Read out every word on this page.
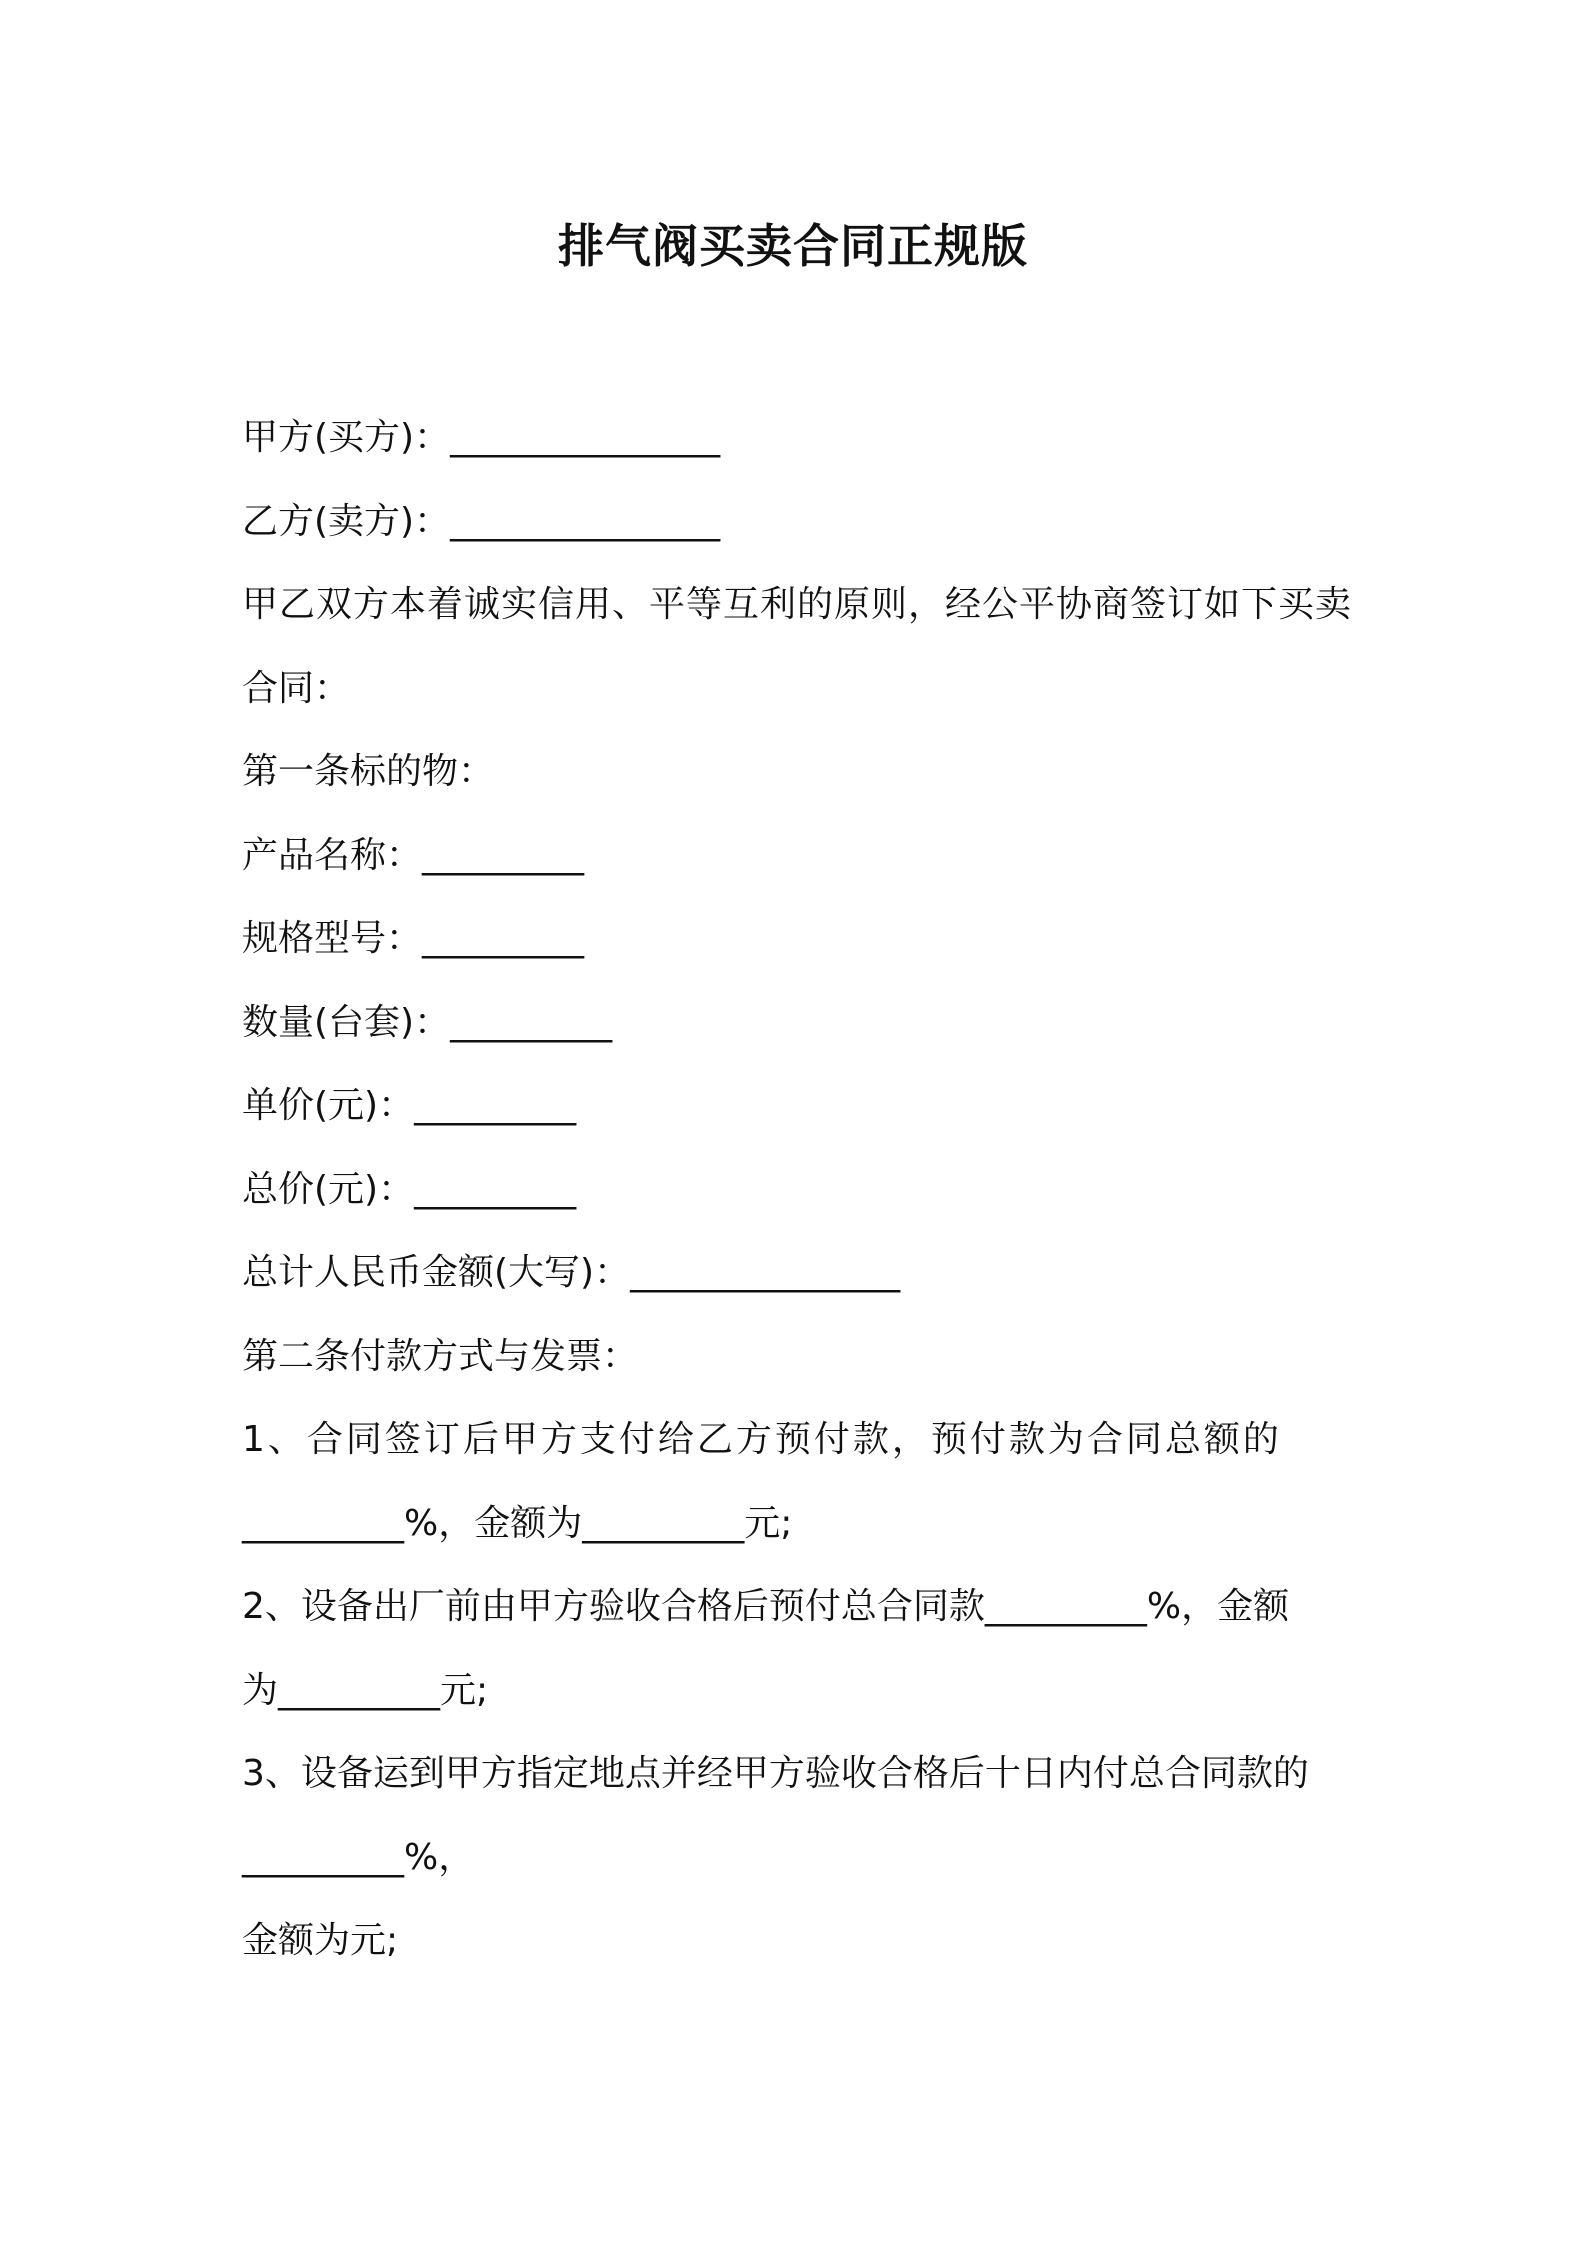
排气阀买卖合同正规版
甲方(买方)：_______________
乙方(卖方)：_______________
甲乙双方本着诚实信用、平等互利的原则，经公平协商签订如下买卖
合同：
第一条标的物：
产品名称：_________
规格型号：_________
数量(台套)：_________
单价(元)：_________
总价(元)：_________
总计人民币金额(大写)：_______________
第二条付款方式与发票：
1、合同签订后甲方支付给乙方预付款，预付款为合同总额的
_________%，金额为_________元;
2、设备出厂前由甲方验收合格后预付总合同款_________%，金额
为_________元;
3、设备运到甲方指定地点并经甲方验收合格后十日内付总合同款的
_________%，
金额为元;
